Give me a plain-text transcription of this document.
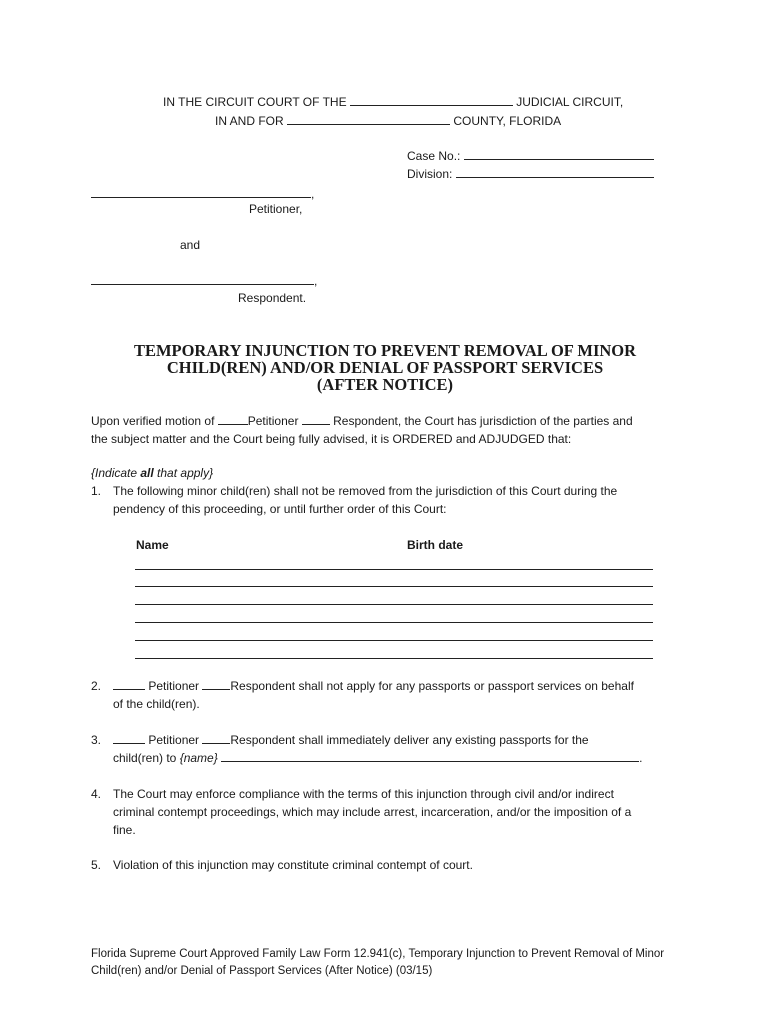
IN THE CIRCUIT COURT OF THE	JUDICIAL CIRCUIT,
IN AND FOR	COUNTY, FLORIDA
Case No.:
Division:
,
Petitioner,
and
,
Respondent.
TEMPORARY INJUNCTION TO PREVENT REMOVAL OF MINOR
CHILD(REN) AND/OR DENIAL OF PASSPORT SERVICES
(AFTER NOTICE)
Upon verified motion of	Petitioner	Respondent, the Court has jurisdiction of the parties and
the subject matter and the Court being fully advised, it is ORDERED and ADJUDGED that:
{Indicate all that apply}
1. The following minor child(ren) shall not be removed from the jurisdiction of this Court during the
pendency of this proceeding, or until further order of this Court:
Name	Birth date
2.	Petitioner	Respondent shall not apply for any passports or passport services on behalf
of the child(ren).
3.	Petitioner	Respondent shall immediately deliver any existing passports for the
child(ren) to {name}	.
4. The Court may enforce compliance with the terms of this injunction through civil and/or indirect
criminal contempt proceedings, which may include arrest, incarceration, and/or the imposition of a
fine.
5. Violation of this injunction may constitute criminal contempt of court.
Florida Supreme Court Approved Family Law Form 12.941(c), Temporary Injunction to Prevent Removal of Minor
Child(ren) and/or Denial of Passport Services (After Notice) (03/15)
